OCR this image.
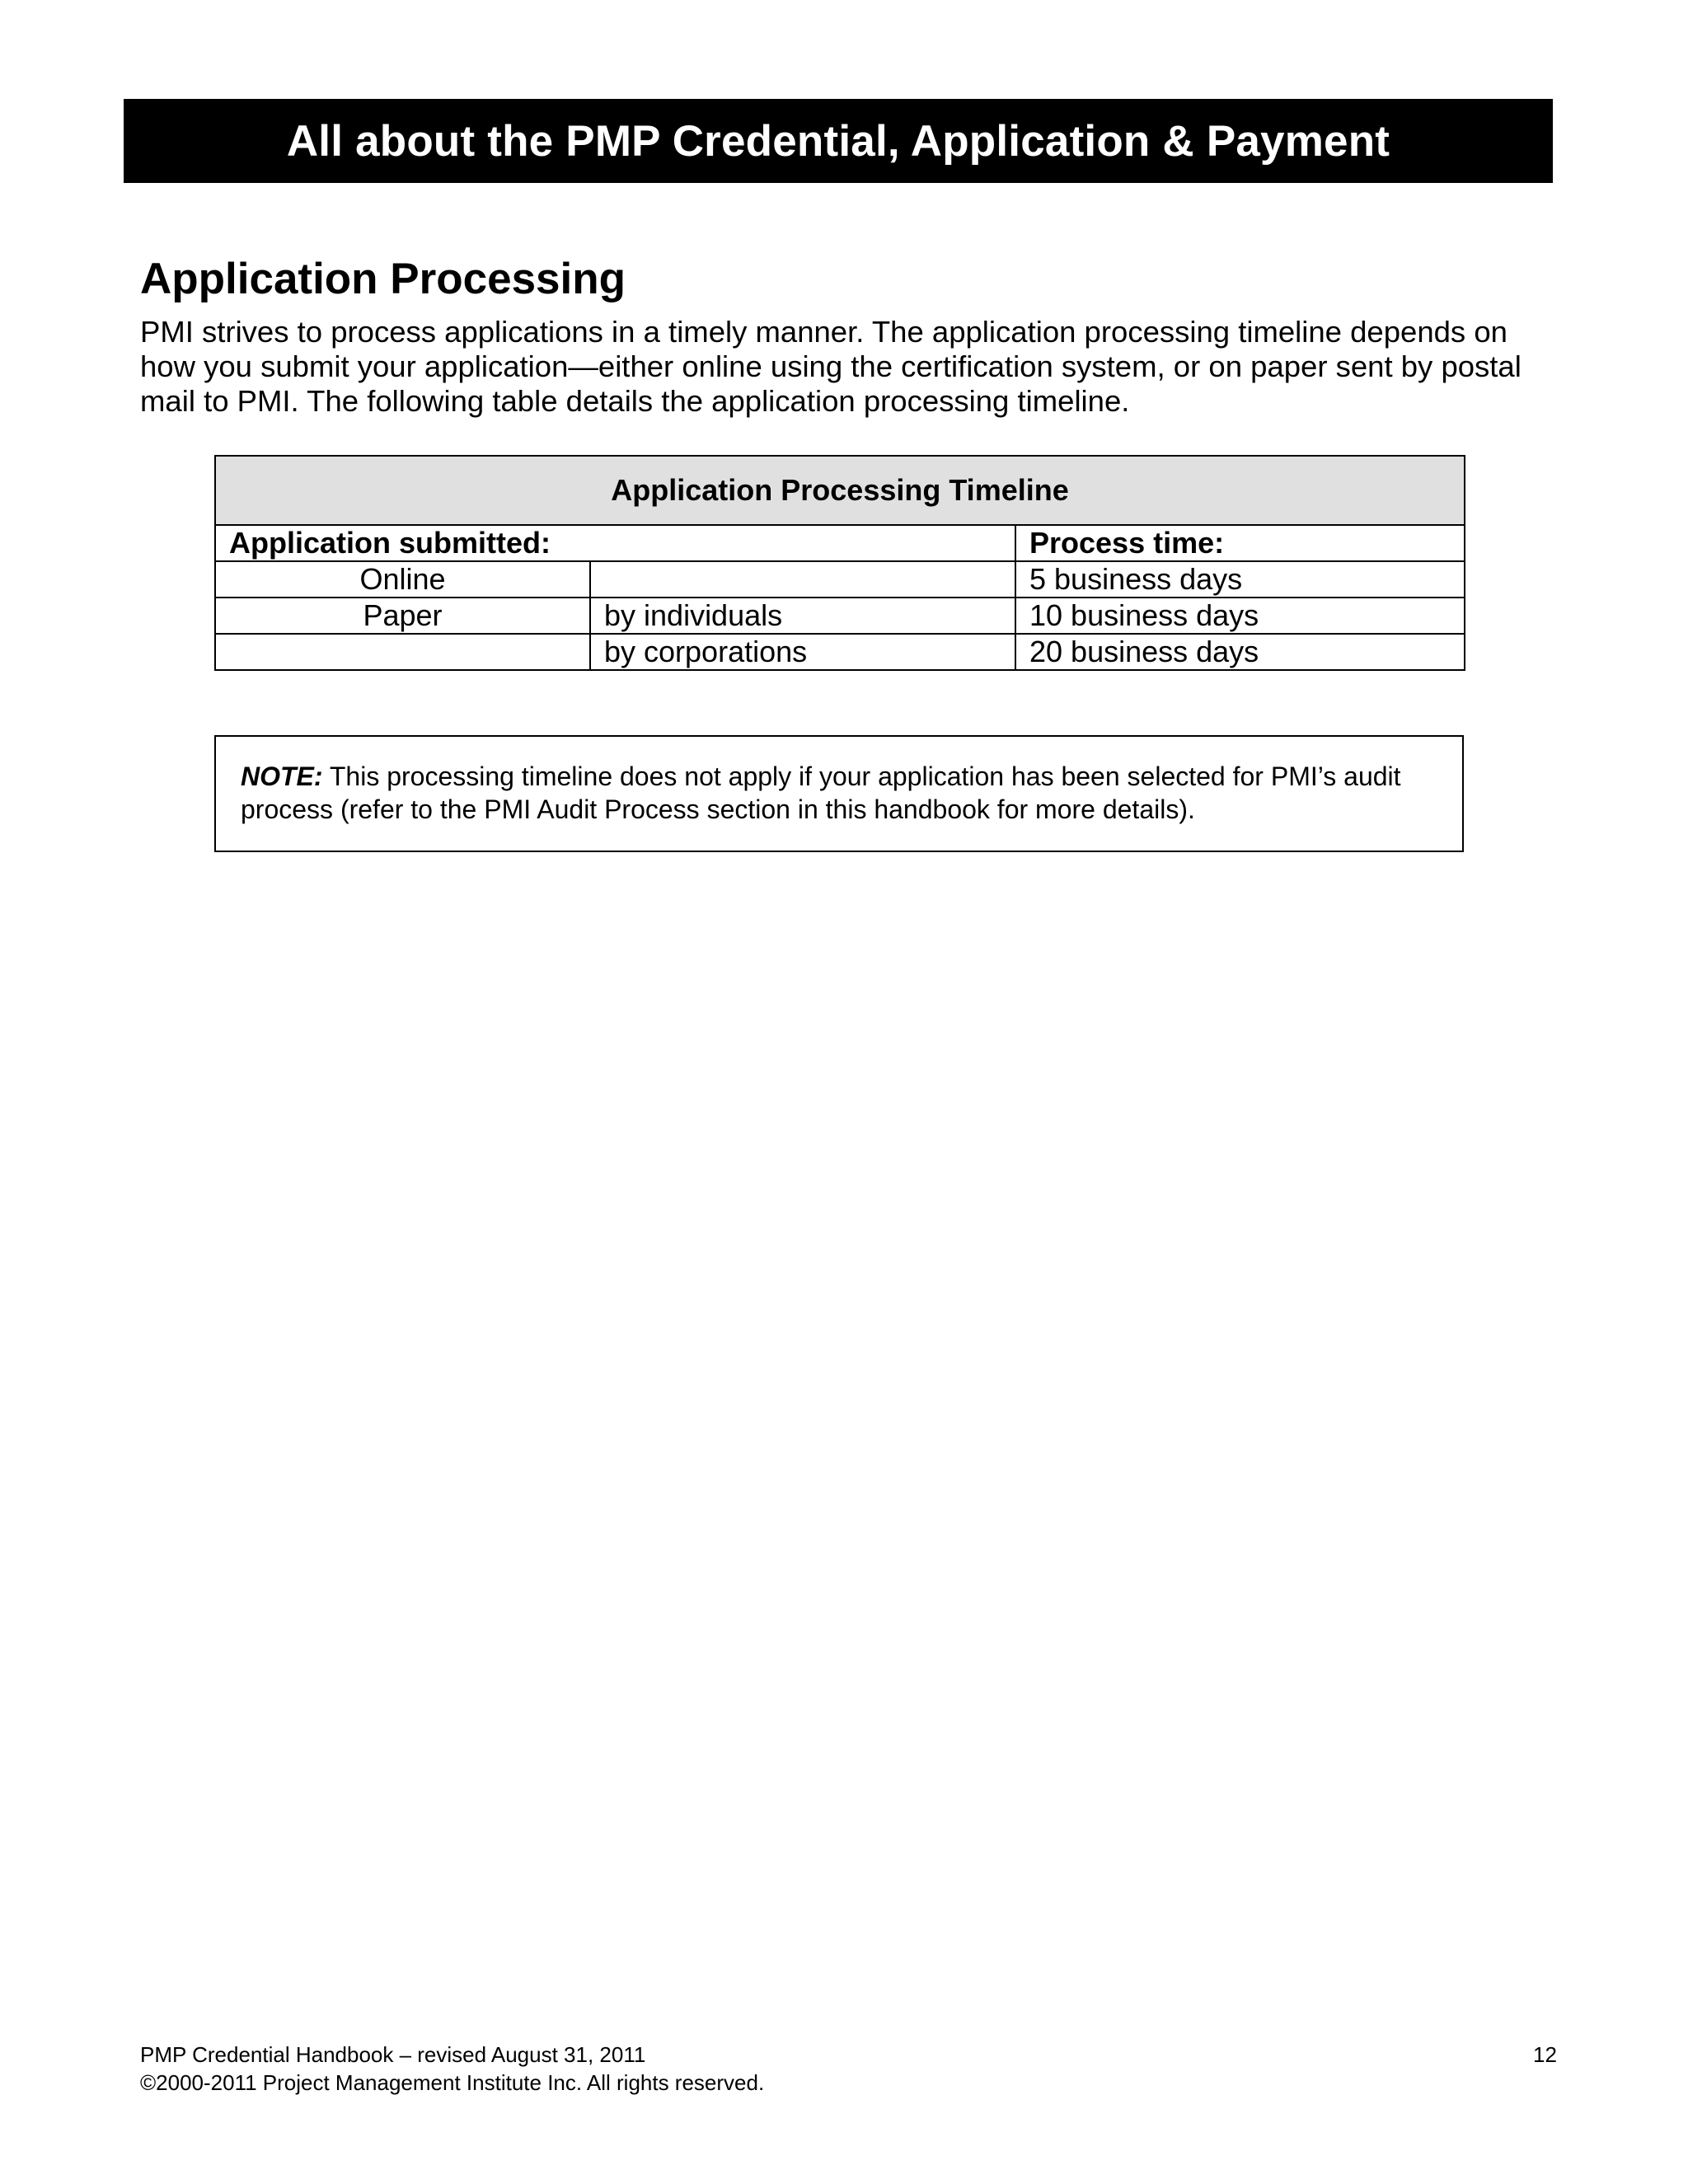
All about the PMP Credential, Application & Payment
Application Processing

PMI strives to process applications in a timely manner. The application processing timeline depends on how you submit your application—either online using the certification system, or on paper sent by postal mail to PMI. The following table details the application processing timeline.

Application Processing Timeline		
Application submitted:		Process time:
Online		5 business days
Paper	by individuals	10 business days
	by corporations	20 business days
NOTE: This processing timeline does not apply if your application has been selected for PMI’s audit process (refer to the PMI Audit Process section in this handbook for more details).
PMP Credential Handbook – revised August 31, 2011
©2000-2011 Project Management Institute Inc. All rights reserved.
12
